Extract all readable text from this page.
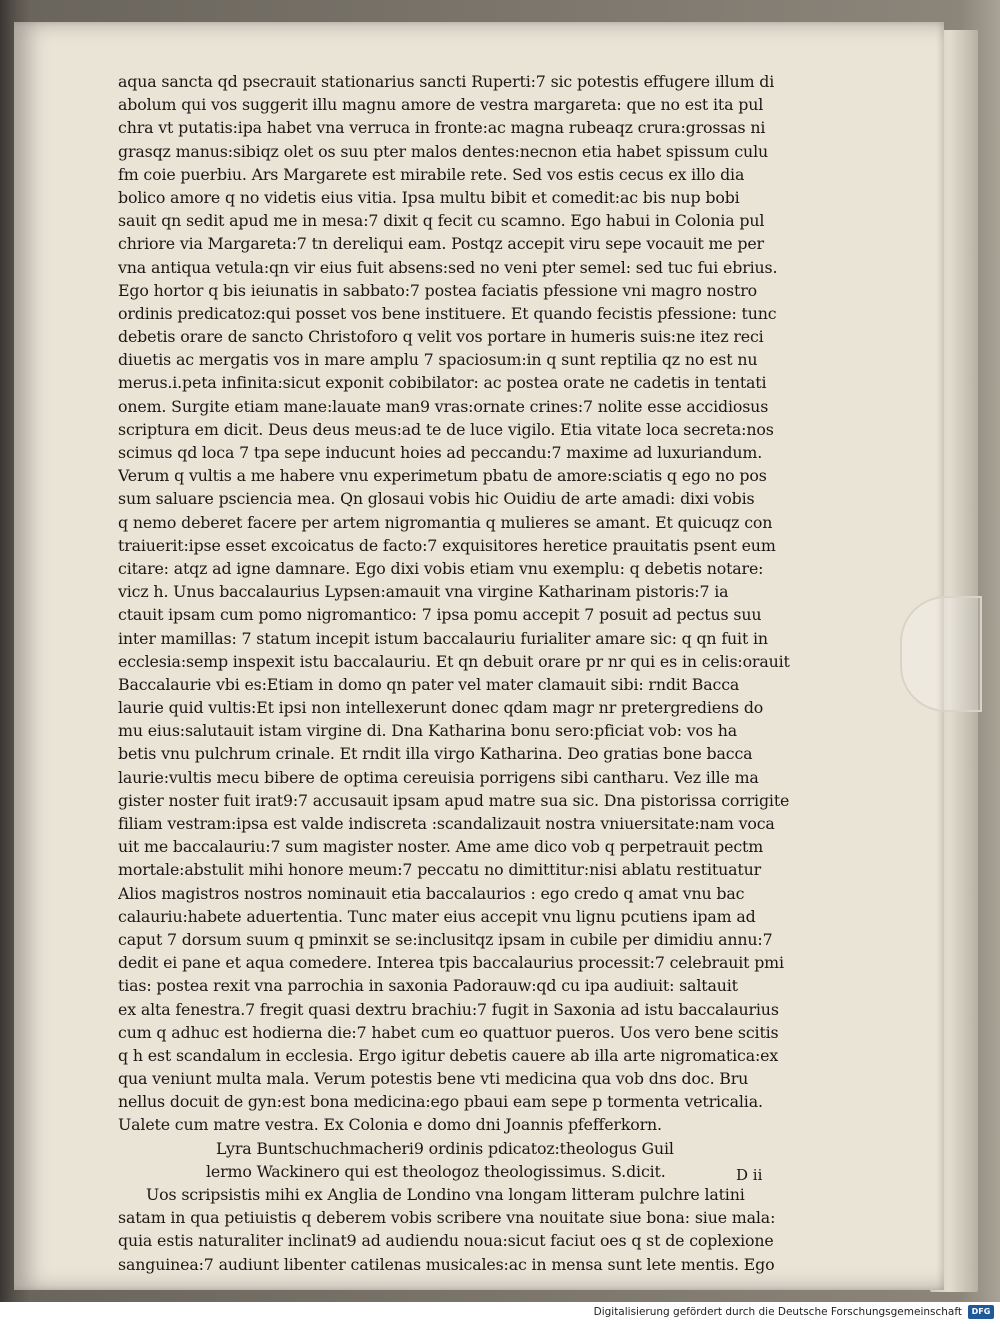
aqua sancta qd psecrauit stationarius sancti Ruperti:7 sic potestis effugere illum di
abolum qui vos suggerit illu magnu amore de vestra margareta: que no est ita pul
chra vt putatis:ipa habet vna verruca in fronte:ac magna rubeaqz crura:grossas ni
grasqz manus:sibiqz olet os suu pter malos dentes:necnon etia habet spissum culu
fm coie puerbiu. Ars Margarete est mirabile rete. Sed vos estis cecus ex illo dia
bolico amore q no videtis eius vitia. Ipsa multu bibit et comedit:ac bis nup bobi
sauit qn sedit apud me in mesa:7 dixit q fecit cu scamno. Ego habui in Colonia pul
chriore via Margareta:7 tn dereliqui eam. Postqz accepit viru sepe vocauit me per
vna antiqua vetula:qn vir eius fuit absens:sed no veni pter semel: sed tuc fui ebrius.
Ego hortor q bis ieiunatis in sabbato:7 postea faciatis pfessione vni magro nostro
ordinis predicatoz:qui posset vos bene instituere. Et quando fecistis pfessione: tunc
debetis orare de sancto Christoforo q velit vos portare in humeris suis:ne itez reci
diuetis ac mergatis vos in mare amplu 7 spaciosum:in q sunt reptilia qz no est nu
merus.i.peta infinita:sicut exponit cobibilator: ac postea orate ne cadetis in tentati
onem. Surgite etiam mane:lauate man9 vras:ornate crines:7 nolite esse accidiosus
scriptura em dicit. Deus deus meus:ad te de luce vigilo. Etia vitate loca secreta:nos
scimus qd loca 7 tpa sepe inducunt hoies ad peccandu:7 maxime ad luxuriandum.
Verum q vultis a me habere vnu experimetum pbatu de amore:sciatis q ego no pos
sum saluare psciencia mea. Qn glosaui vobis hic Ouidiu de arte amadi: dixi vobis
q nemo deberet facere per artem nigromantia q mulieres se amant. Et quicuqz con
traiuerit:ipse esset excoicatus de facto:7 exquisitores heretice prauitatis psent eum
citare: atqz ad igne damnare. Ego dixi vobis etiam vnu exemplu: q debetis notare:
vicz h. Unus baccalaurius Lypsen:amauit vna virgine Katharinam pistoris:7 ia
ctauit ipsam cum pomo nigromantico: 7 ipsa pomu accepit 7 posuit ad pectus suu
inter mamillas: 7 statum incepit istum baccalauriu furialiter amare sic: q qn fuit in
ecclesia:semp inspexit istu baccalauriu. Et qn debuit orare pr nr qui es in celis:orauit
Baccalaurie vbi es:Etiam in domo qn pater vel mater clamauit sibi: rndit Bacca
laurie quid vultis:Et ipsi non intellexerunt donec qdam magr nr pretergrediens do
mu eius:salutauit istam virgine di. Dna Katharina bonu sero:pficiat vob: vos ha
betis vnu pulchrum crinale. Et rndit illa virgo Katharina. Deo gratias bone bacca
laurie:vultis mecu bibere de optima cereuisia porrigens sibi cantharu. Vez ille ma
gister noster fuit irat9:7 accusauit ipsam apud matre sua sic. Dna pistorissa corrigite
filiam vestram:ipsa est valde indiscreta :scandalizauit nostra vniuersitate:nam voca
uit me baccalauriu:7 sum magister noster. Ame ame dico vob q perpetrauit pectm
mortale:abstulit mihi honore meum:7 peccatu no dimittitur:nisi ablatu restituatur
Alios magistros nostros nominauit etia baccalaurios : ego credo q amat vnu bac
calauriu:habete aduertentia. Tunc mater eius accepit vnu lignu pcutiens ipam ad
caput 7 dorsum suum q pminxit se se:inclusitqz ipsam in cubile per dimidiu annu:7
dedit ei pane et aqua comedere. Interea tpis baccalaurius processit:7 celebrauit pmi
tias: postea rexit vna parrochia in saxonia Padorauw:qd cu ipa audiuit: saltauit
ex alta fenestra.7 fregit quasi dextru brachiu:7 fugit in Saxonia ad istu baccalaurius
cum q adhuc est hodierna die:7 habet cum eo quattuor pueros. Uos vero bene scitis
q h est scandalum in ecclesia. Ergo igitur debetis cauere ab illa arte nigromatica:ex
qua veniunt multa mala. Verum potestis bene vti medicina qua vob dns doc. Bru
nellus docuit de gyn:est bona medicina:ego pbaui eam sepe p tormenta vetricalia.
Ualete cum matre vestra. Ex Colonia e domo dni Joannis pfefferkorn.
Lyra Buntschuchmacheri9 ordinis pdicatoz:theologus Guil
lermo Wackinero qui est theologoz theologissimus. S.dicit.
Uos scripsistis mihi ex Anglia de Londino vna longam litteram pulchre latini
satam in qua petiuistis q deberem vobis scribere vna nouitate siue bona: siue mala:
quia estis naturaliter inclinat9 ad audiendu noua:sicut faciut oes q st de coplexione
sanguinea:7 audiunt libenter catilenas musicales:ac in mensa sunt lete mentis. Ego
D ii
Digitalisierung gefördert durch die Deutsche Forschungsgemeinschaft	DFG
